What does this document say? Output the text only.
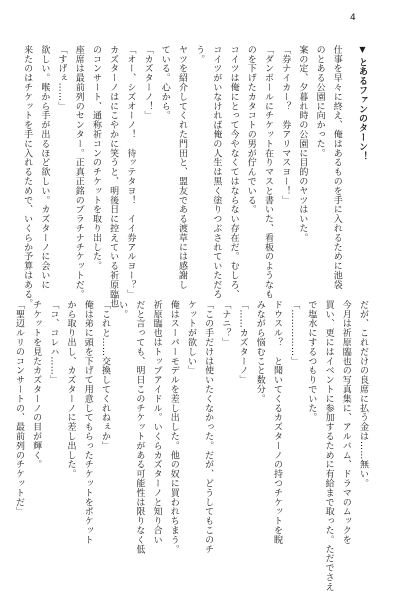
4
▼とあるファンのターン！
仕事を早々に終え、俺はあるものを手に入れるために池袋
のとある公園に向かった。
案の定、夕暮れ時の公園に目的のヤツはいた。
「券ナイカー？　券アリマスヨー！」
「ダンボールにチケット在りマスと書いた、看板のようなも
のを下げたカタコトの男が佇んでいる。
コイツは俺にとって今やなくてはならない存在だ。むしろ、
コイツがいなければ俺の人生は黒く塗りつぶされていただろ
う。
ヤツを紹介してくれた門田と、盟友である渡草には感謝し
ている。心から。
「カズターノ！」
「オー、シズオーノ！　待ッテタヨ！　イイ券アルヨー？」
カズターノはにこやかに笑うと、明後日に控えている祈原臨也
のコンサート、通称祈コンのチケットを取り出した。
座席は最前列のセンター。正真正銘のプラチナチケットだ。
「すげぇ……」
欲しい。喉から手が出るほど欲しい。カズターノに会いに
来たのはチケットを手に入れるためで、いくらか予算はある。
だが、これだけの良席に払う金は……無い。
今月は祈原臨也の写真集に、アルバム、ドラマのムックを
買い、更にはイベントに参加するために有給まで取った。ただでさえ
で塩水にするつもりでいた。
「……………」
ドウスル？　と聞いてくるカズターノの持つチケットを睨
みながら悩むこと数分。
「……カズターノ」
「ナニ？」
「この手だけは使いたくなかった。だが、どうしてもこのチ
ケットが欲しい」
俺はスーパーモデルを差し出した。他の奴に買われちまう。
祈原臨也はトップアイドル。いくらカズターノと知り合い
だと言っても、明日このチケットがある可能性は限りなく低
い。
「これと……交換してくれねぇか」
俺は弟に頭を下げて用意してもらったチケットをポケット
から取り出し、カズターノに差し出した。
「コ、コレハ……」
チケットを見たカズターノの目が輝く。
「聖辺ルリのコンサートの、最前列のチケットだ」
